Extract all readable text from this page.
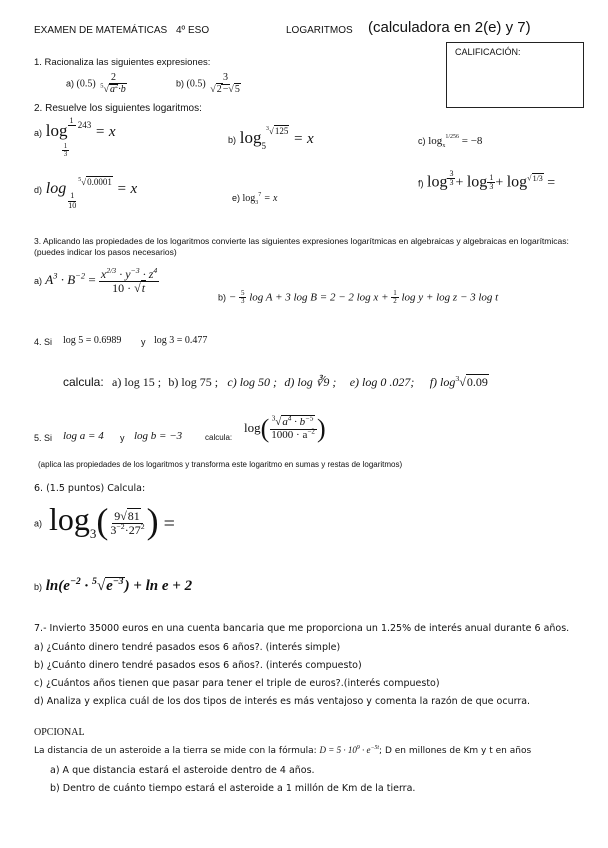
EXAMEN DE MATEMÁTICAS 4º ESO	LOGARITMOS (calculadora en 2(e) y 7)
CALIFICACIÓN:
1. Racionaliza las siguientes expresiones:
a) $(0.5) \frac{2}{^5√a^2\cdot b}$	b) $(0.5) \frac{3}{√2-√5}$
2. Resuelve los siguientes logaritmos:
a) log
1
243

$\frac{1}{3}$
= x	b) $\log_5^{^3√125} = x$	c) $\log_x^{1/256} = -8$
d) log
$\frac{1}{10}$
$^{^5√0.0001}$ = x
e) $\log_3^7 = x$
f) $\log ^{\frac{3}{3}} + \log \frac{1}{3} + \log^{√1/3}$ =
3. Aplicando las propiedades de los logaritmos convierte las siguientes expresiones logarítmicas en algebraicas y algebraicas en logarítmicas: (puedes indicar los pasos necesarios)
a) $A^3 \cdot B^{-2} = \frac{x^{2/3} \cdot y^{-3} \cdot z^4}{10 \cdot √t}$
$b) - \frac{5}{3}$ log A + 3 log B = 2 − 2 $\log x + \frac{1}{2}$ log y + log z − 3 log t
4. Si log 5 = 0.6989 y log 3 = 0.477
calcula: a) log 15 ; b) log 75 ; c) log 50 ; d) log ∛9 ; e) log 0 .027; f) $\log^3√0.09$
5. Si log a = 4 y log b = −3	calcula:
$\log( \frac{^3√a^4 \cdot b^{-5}}{1000 \cdot a^{-2}}$ )
(aplica las propiedades de los logaritmos y transforma este logaritmo en sumas y restas de logaritmos)
6. (1.5 puntos) Calcula:
a) $\log_3( \frac{9√81}{3^{-2}\cdot 27^2}$ ) =
b) $\ln(e^{-2} \cdot ^5√e^{-3}) + \ln e + 2$
7.- Invierto 35000 euros en una cuenta bancaria que me proporciona un 1.25% de interés anual durante 6 años.
a) ¿Cuánto dinero tendré pasados esos 6 años?. (interés simple)
b) ¿Cuánto dinero tendré pasados esos 6 años?. (interés compuesto)
c) ¿Cuántos años tienen que pasar para tener el triple de euros?.(interés compuesto)
d) Analiza y explica cuál de los dos tipos de interés es más ventajoso y comenta la razón de que ocurra.
OPCIONAL
La distancia de un asteroide a la tierra se mide con la fórmula: $D = 5 \cdot 10^9 \cdot e^{-5t}$; D en millones de Km y t en años
a) A que distancia estará el asteroide dentro de 4 años.
b) Dentro de cuánto tiempo estará el asteroide a 1 millón de Km de la tierra.
